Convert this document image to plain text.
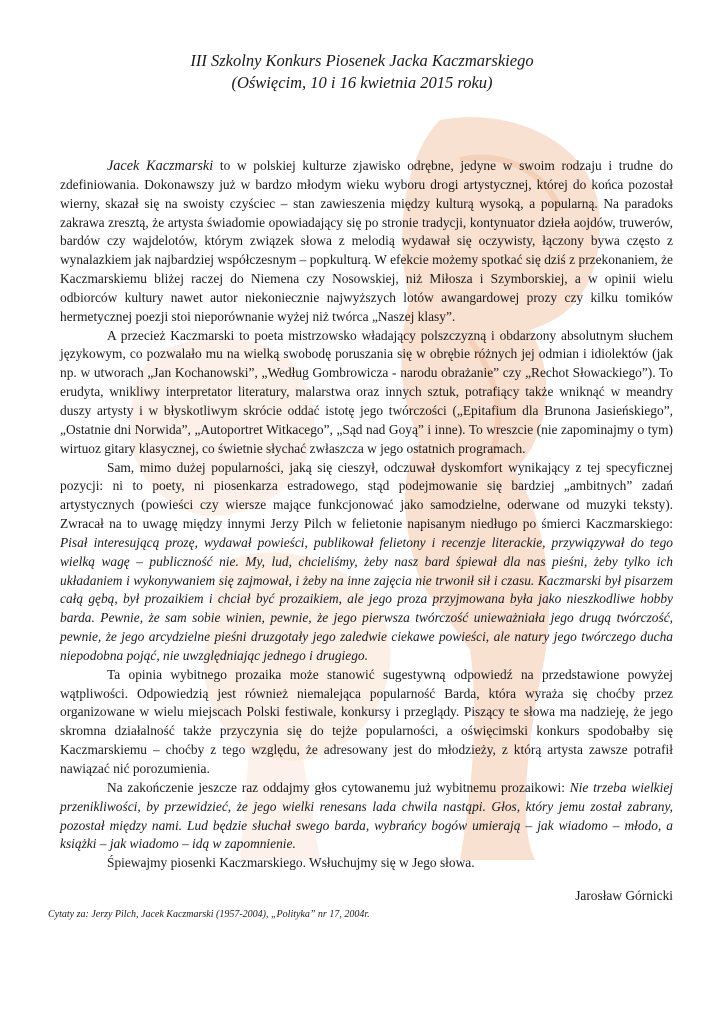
III Szkolny Konkurs Piosenek Jacka Kaczmarskiego
(Oświęcim, 10 i 16 kwietnia 2015 roku)

Jacek Kaczmarski to w polskiej kulturze zjawisko odrębne, jedyne w swoim rodzaju i trudne do zdefiniowania. Dokonawszy już w bardzo młodym wieku wyboru drogi artystycznej, której do końca pozostał wierny, skazał się na swoisty czyściec – stan zawieszenia między kulturą wysoką, a popularną. Na paradoks zakrawa zresztą, że artysta świadomie opowiadający się po stronie tradycji, kontynuator dzieła aojdów, truwerów, bardów czy wajdelotów, którym związek słowa z melodią wydawał się oczywisty, łączony bywa często z wynalazkiem jak najbardziej współczesnym – popkulturą. W efekcie możemy spotkać się dziś z przekonaniem, że Kaczmarskiemu bliżej raczej do Niemena czy Nosowskiej, niż Miłosza i Szymborskiej, a w opinii wielu odbiorców kultury nawet autor niekoniecznie najwyższych lotów awangardowej prozy czy kilku tomików hermetycznej poezji stoi nieporównanie wyżej niż twórca „Naszej klasy”.

A przecież Kaczmarski to poeta mistrzowsko władający polszczyzną i obdarzony absolutnym słuchem językowym, co pozwalało mu na wielką swobodę poruszania się w obrębie różnych jej odmian i idiolektów (jak np. w utworach „Jan Kochanowski”, „Według Gombrowicza - narodu obrażanie” czy „Rechot Słowackiego”). To erudyta, wnikliwy interpretator literatury, malarstwa oraz innych sztuk, potrafiący także wniknąć w meandry duszy artysty i w błyskotliwym skrócie oddać istotę jego twórczości („Epitafium dla Brunona Jasieńskiego”, „Ostatnie dni Norwida”, „Autoportret Witkacego”, „Sąd nad Goyą” i inne). To wreszcie (nie zapominajmy o tym) wirtuoz gitary klasycznej, co świetnie słychać zwłaszcza w jego ostatnich programach.

Sam, mimo dużej popularności, jaką się cieszył, odczuwał dyskomfort wynikający z tej specyficznej pozycji: ni to poety, ni piosenkarza estradowego, stąd podejmowanie się bardziej „ambitnych” zadań artystycznych (powieści czy wiersze mające funkcjonować jako samodzielne, oderwane od muzyki teksty). Zwracał na to uwagę między innymi Jerzy Pilch w felietonie napisanym niedługo po śmierci Kaczmarskiego: Pisał interesującą prozę, wydawał powieści, publikował felietony i recenzje literackie, przywiązywał do tego wielką wagę – publiczność nie. My, lud, chcieliśmy, żeby nasz bard śpiewał dla nas pieśni, żeby tylko ich układaniem i wykonywaniem się zajmował, i żeby na inne zajęcia nie trwonił sił i czasu. Kaczmarski był pisarzem całą gębą, był prozaikiem i chciał być prozaikiem, ale jego proza przyjmowana była jako nieszkodliwe hobby barda. Pewnie, że sam sobie winien, pewnie, że jego pierwsza twórczość unieważniała jego drugą twórczość, pewnie, że jego arcydzielne pieśni druzgotały jego zaledwie ciekawe powieści, ale natury jego twórczego ducha niepodobna pojąć, nie uwzględniając jednego i drugiego.

Ta opinia wybitnego prozaika może stanowić sugestywną odpowiedź na przedstawione powyżej wątpliwości. Odpowiedzią jest również niemalejąca popularność Barda, która wyraża się choćby przez organizowane w wielu miejscach Polski festiwale, konkursy i przeglądy. Piszący te słowa ma nadzieję, że jego skromna działalność także przyczynia się do tejże popularności, a oświęcimski konkurs spodobałby się Kaczmarskiemu – choćby z tego względu, że adresowany jest do młodzieży, z którą artysta zawsze potrafił nawiązać nić porozumienia.

Na zakończenie jeszcze raz oddajmy głos cytowanemu już wybitnemu prozaikowi: Nie trzeba wielkiej przenikliwości, by przewidzieć, że jego wielki renesans lada chwila nastąpi. Głos, który jemu został zabrany, pozostał między nami. Lud będzie słuchał swego barda, wybrańcy bogów umierają – jak wiadomo – młodo, a książki – jak wiadomo – idą w zapomnienie.

Śpiewajmy piosenki Kaczmarskiego. Wsłuchujmy się w Jego słowa.

Jarosław Górnicki

Cytaty za: Jerzy Pilch, Jacek Kaczmarski (1957-2004), „Polityka” nr 17, 2004r.
